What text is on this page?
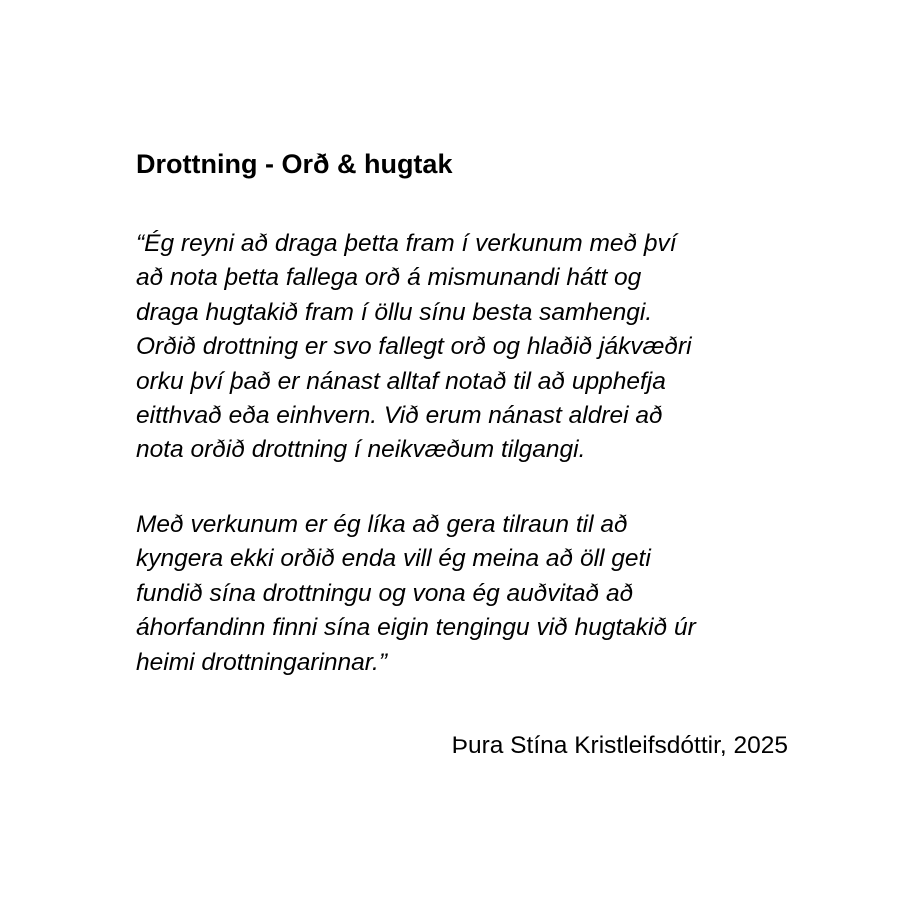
Drottning - Orð & hugtak

“Ég reyni að draga þetta fram í verkunum með því
að nota þetta fallega orð á mismunandi hátt og
draga hugtakið fram í öllu sínu besta samhengi.
Orðið drottning er svo fallegt orð og hlaðið jákvæðri
orku því það er nánast alltaf notað til að upphefja
eitthvað eða einhvern. Við erum nánast aldrei að
nota orðið drottning í neikvæðum tilgangi.

Með verkunum er ég líka að gera tilraun til að
kyngera ekki orðið enda vill ég meina að öll geti
fundið sína drottningu og vona ég auðvitað að
áhorfandinn finni sína eigin tengingu við hugtakið úr
heimi drottningarinnar.”

Þura Stína Kristleifsdóttir, 2025
